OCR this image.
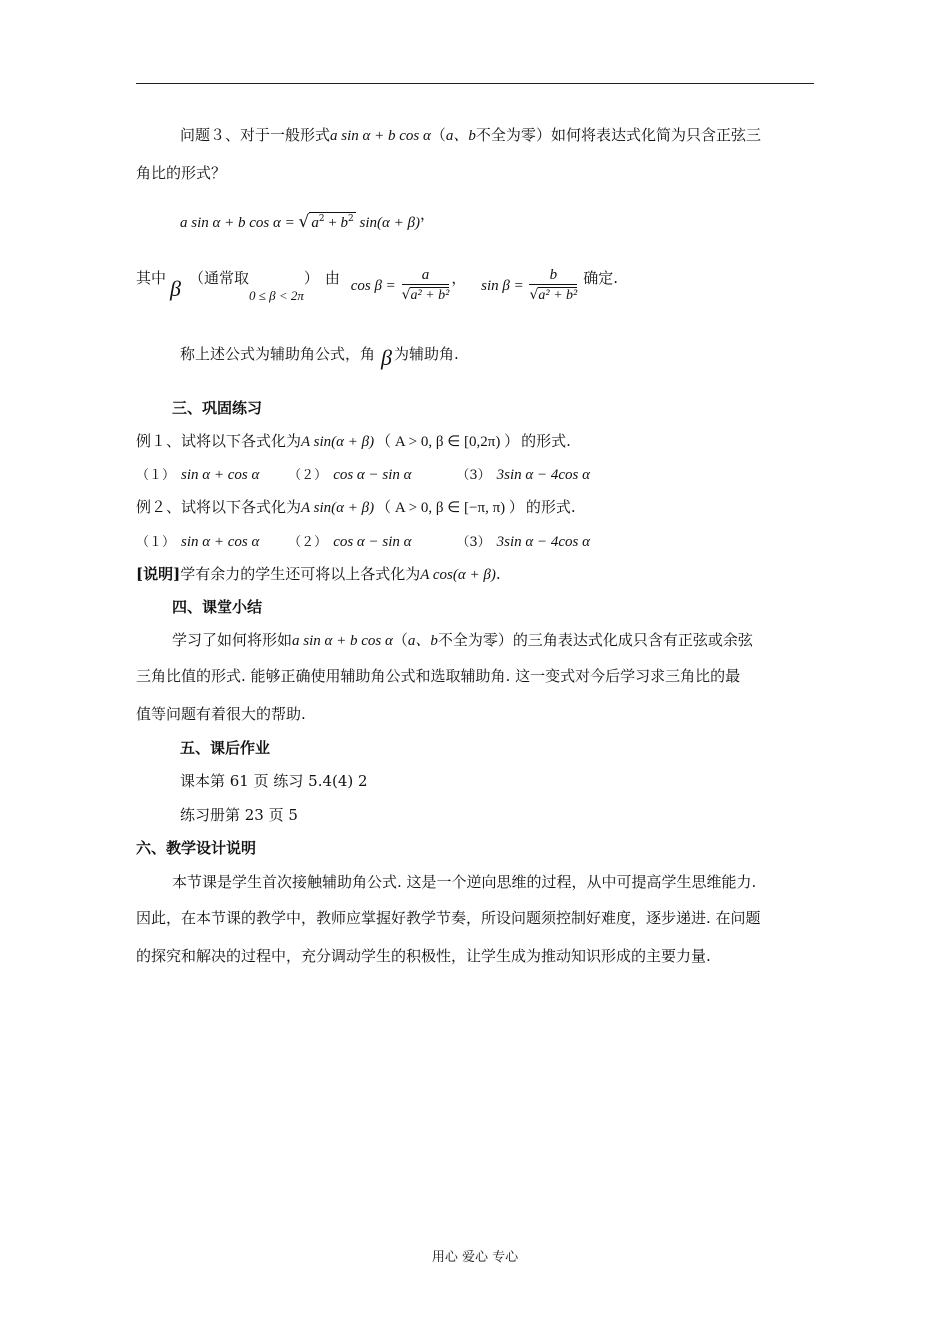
问题３、对于一般形式a sin α + b cos α（a、b不全为零）如何将表达式化简为只含正弦三
角比的形式？
a sin α + b cos α = √ $a^2 + b^2$ sin(α + β)，
其中 β （通常取0 ≤ β < 2π） 由 $\cos \beta = \frac{a}{\text{√a² + b²}}$ ， $\sin \beta = \frac{b}{\text{√a² + b²}}$ 确定.
称上述公式为辅助角公式，角 β 为辅助角.
三、巩固练习
例１、试将以下各式化为A sin(α + β) （ A > 0, β ∈ [0,2π) ） 的形式.
（１） sin α + cos α （２） cos α − sin α	（3） 3sin α − 4cos α
例２、试将以下各式化为A sin(α + β) （ A > 0, β ∈ [−π, π) ） 的形式.
（１） sin α + cos α （２） cos α − sin α	（3） 3sin α − 4cos α
[说明]学有余力的学生还可将以上各式化为A cos(α + β).
四、课堂小结
学习了如何将形如a sin α + b cos α（a、b不全为零）的三角表达式化成只含有正弦或余弦
三角比值的形式. 能够正确使用辅助角公式和选取辅助角. 这一变式对今后学习求三角比的最
值等问题有着很大的帮助.
五、课后作业
课本第 61 页 练习 5.4(4) 2
练习册第 23 页 5
六、教学设计说明
本节课是学生首次接触辅助角公式. 这是一个逆向思维的过程，从中可提高学生思维能力.
因此，在本节课的教学中，教师应掌握好教学节奏，所设问题须控制好难度，逐步递进. 在问题
的探究和解决的过程中，充分调动学生的积极性，让学生成为推动知识形成的主要力量.
用心 爱心 专心
